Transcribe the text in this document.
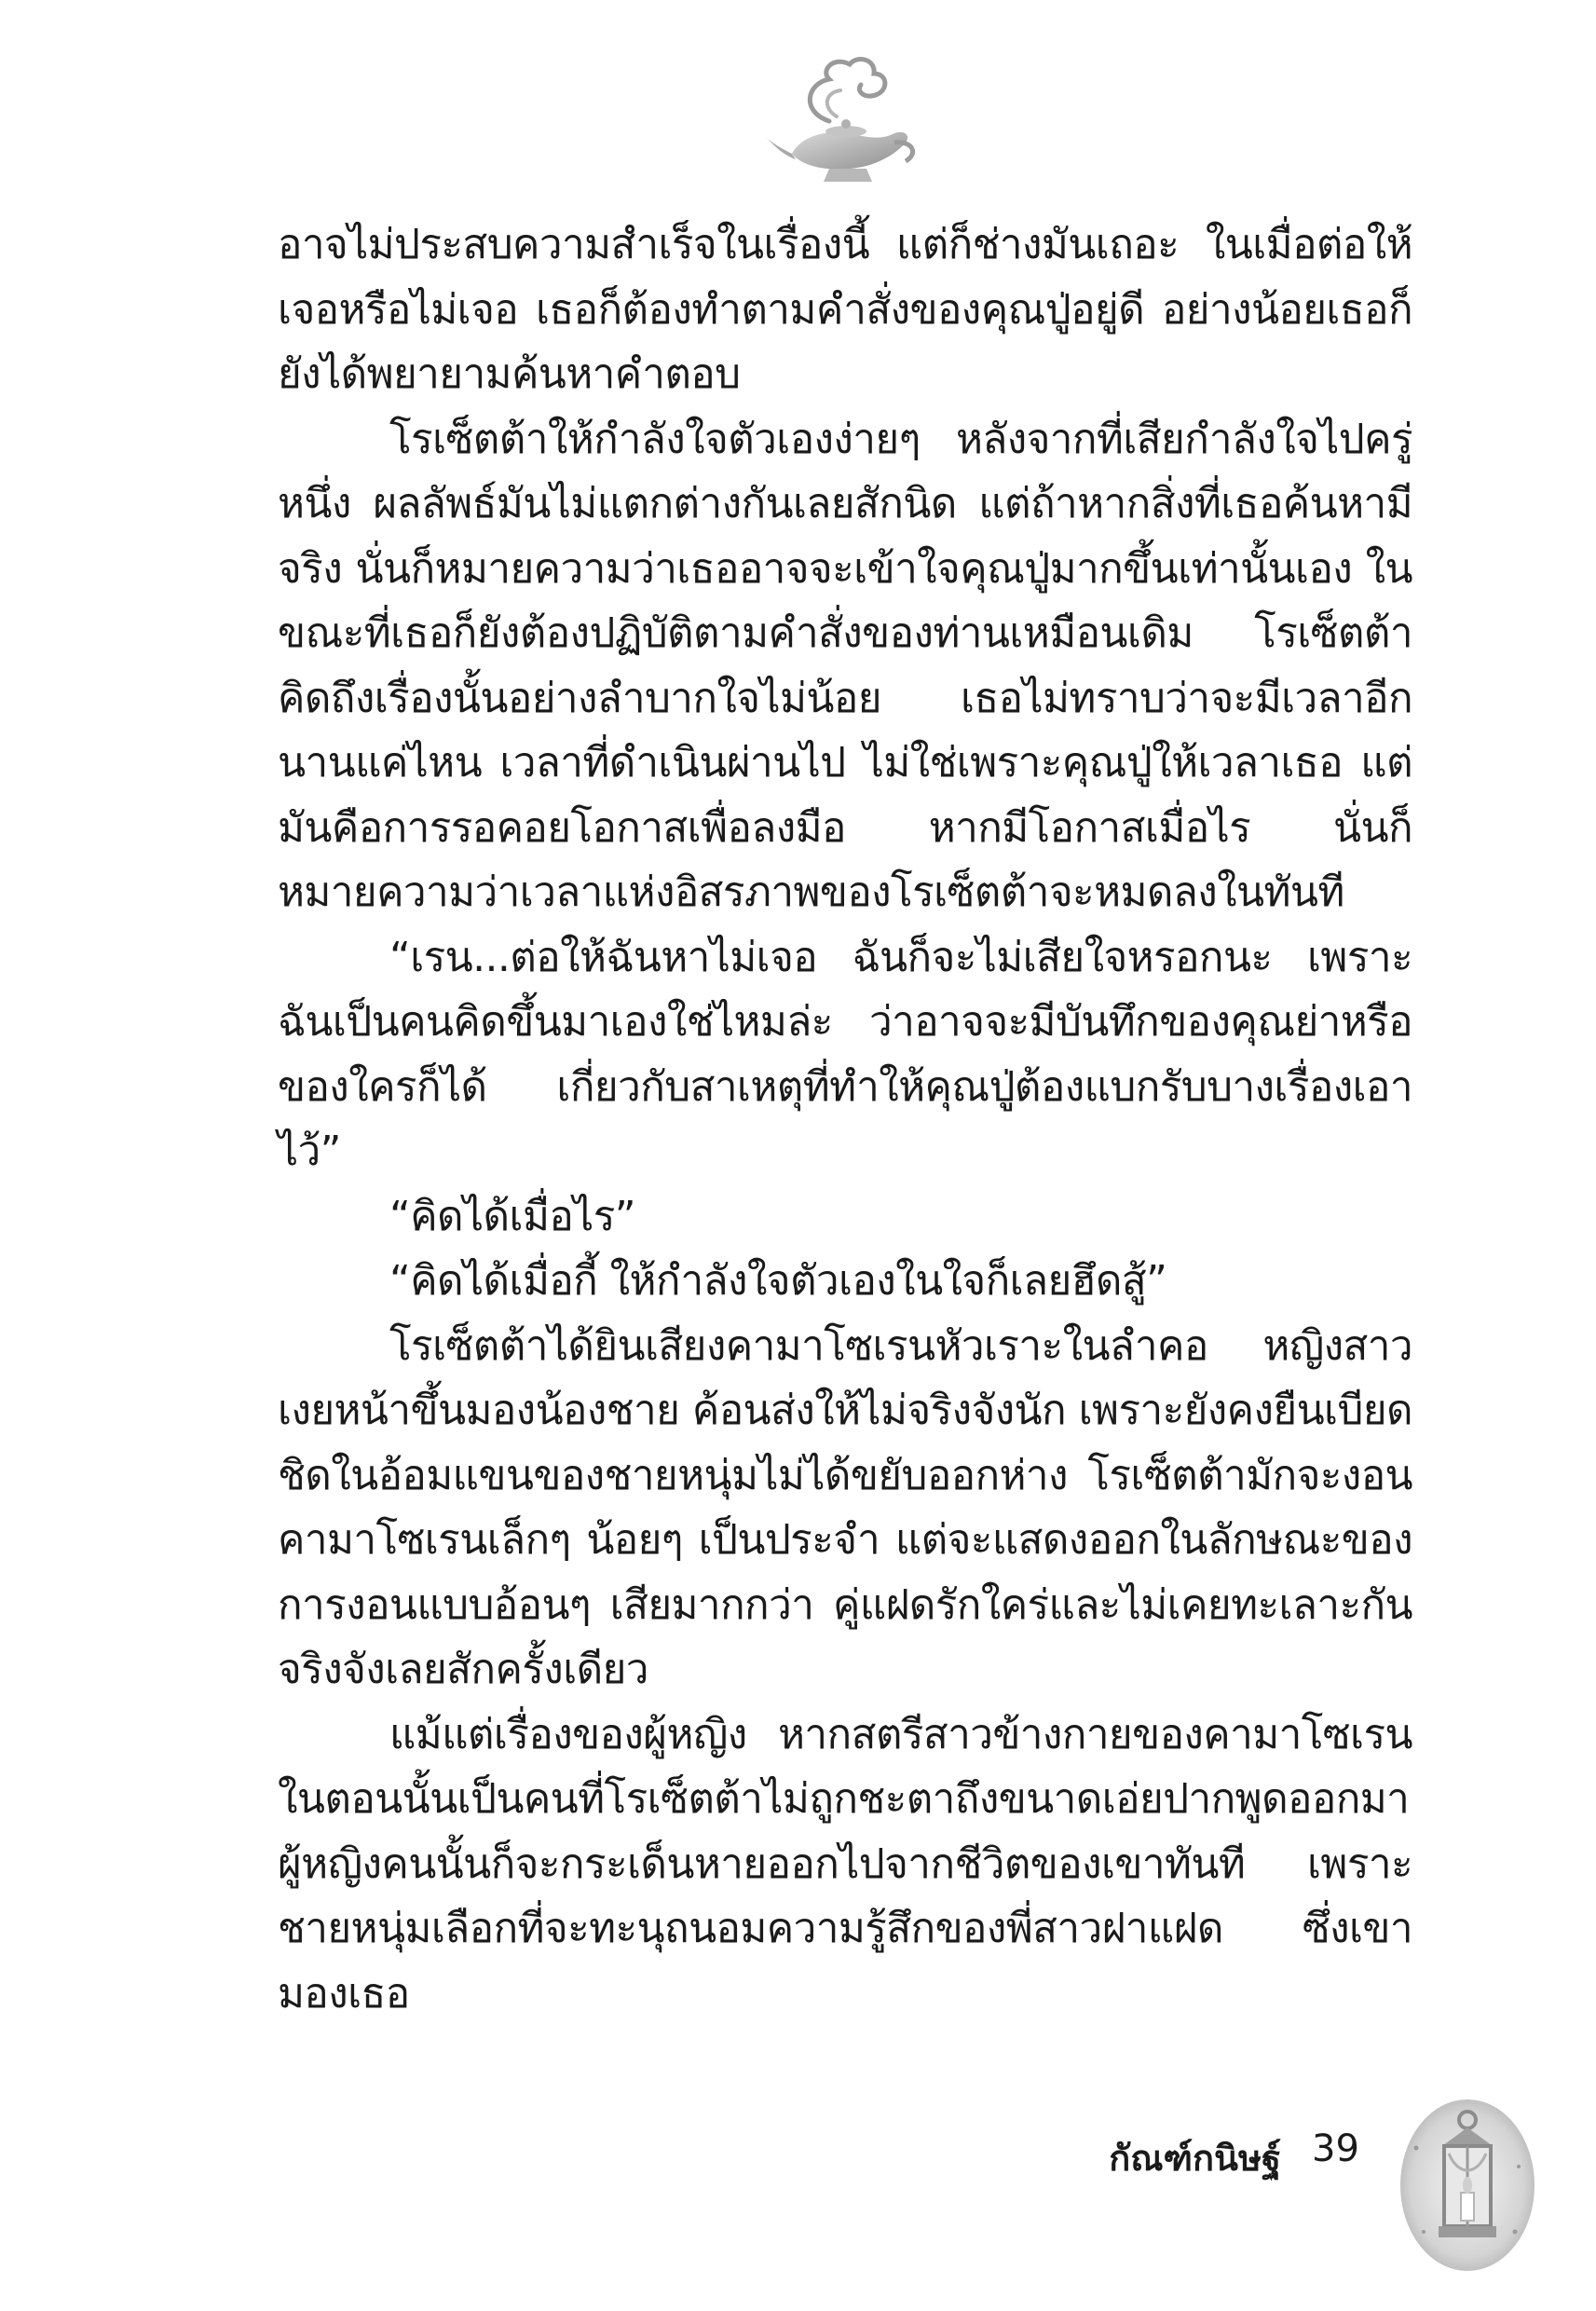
อาจไม่ประสบความสำเร็จในเรื่องนี้ แต่ก็ช่างมันเถอะ ในเมื่อต่อให้เจอหรือไม่เจอ เธอก็ต้องทำตามคำสั่งของคุณปู่อยู่ดี อย่างน้อยเธอก็ยังได้พยายามค้นหาคำตอบ

โรเซ็ตต้าให้กำลังใจตัวเองง่ายๆ หลังจากที่เสียกำลังใจไปครู่หนึ่ง ผลลัพธ์มันไม่แตกต่างกันเลยสักนิด แต่ถ้าหากสิ่งที่เธอค้นหามีจริง นั่นก็หมายความว่าเธออาจจะเข้าใจคุณปู่มากขึ้นเท่านั้นเอง ในขณะที่เธอก็ยังต้องปฏิบัติตามคำสั่งของท่านเหมือนเดิม โรเซ็ตต้าคิดถึงเรื่องนั้นอย่างลำบากใจไม่น้อย เธอไม่ทราบว่าจะมีเวลาอีกนานแค่ไหน เวลาที่ดำเนินผ่านไป ไม่ใช่เพราะคุณปู่ให้เวลาเธอ แต่มันคือการรอคอยโอกาสเพื่อลงมือ หากมีโอกาสเมื่อไร นั่นก็หมายความว่าเวลาแห่งอิสรภาพของโรเซ็ตต้าจะหมดลงในทันที

“เรน...ต่อให้ฉันหาไม่เจอ ฉันก็จะไม่เสียใจหรอกนะ เพราะฉันเป็นคนคิดขึ้นมาเองใช่ไหมล่ะ ว่าอาจจะมีบันทึกของคุณย่าหรือของใครก็ได้ เกี่ยวกับสาเหตุที่ทำให้คุณปู่ต้องแบกรับบางเรื่องเอาไว้”

“คิดได้เมื่อไร”

“คิดได้เมื่อกี้ ให้กำลังใจตัวเองในใจก็เลยฮึดสู้”

โรเซ็ตต้าได้ยินเสียงคามาโซเรนหัวเราะในลำคอ หญิงสาวเงยหน้าขึ้นมองน้องชาย ค้อนส่งให้ไม่จริงจังนัก เพราะยังคงยืนเบียดชิดในอ้อมแขนของชายหนุ่มไม่ได้ขยับออกห่าง โรเซ็ตต้ามักจะงอนคามาโซเรนเล็กๆ น้อยๆ เป็นประจำ แต่จะแสดงออกในลักษณะของการงอนแบบอ้อนๆ เสียมากกว่า คู่แฝดรักใคร่และไม่เคยทะเลาะกันจริงจังเลยสักครั้งเดียว

แม้แต่เรื่องของผู้หญิง หากสตรีสาวข้างกายของคามาโซเรนในตอนนั้นเป็นคนที่โรเซ็ตต้าไม่ถูกชะตาถึงขนาดเอ่ยปากพูดออกมา ผู้หญิงคนนั้นก็จะกระเด็นหายออกไปจากชีวิตของเขาทันที เพราะชายหนุ่มเลือกที่จะทะนุถนอมความรู้สึกของพี่สาวฝาแฝด ซึ่งเขามองเธอ

กัณฑ์กนิษฐ์ 39
